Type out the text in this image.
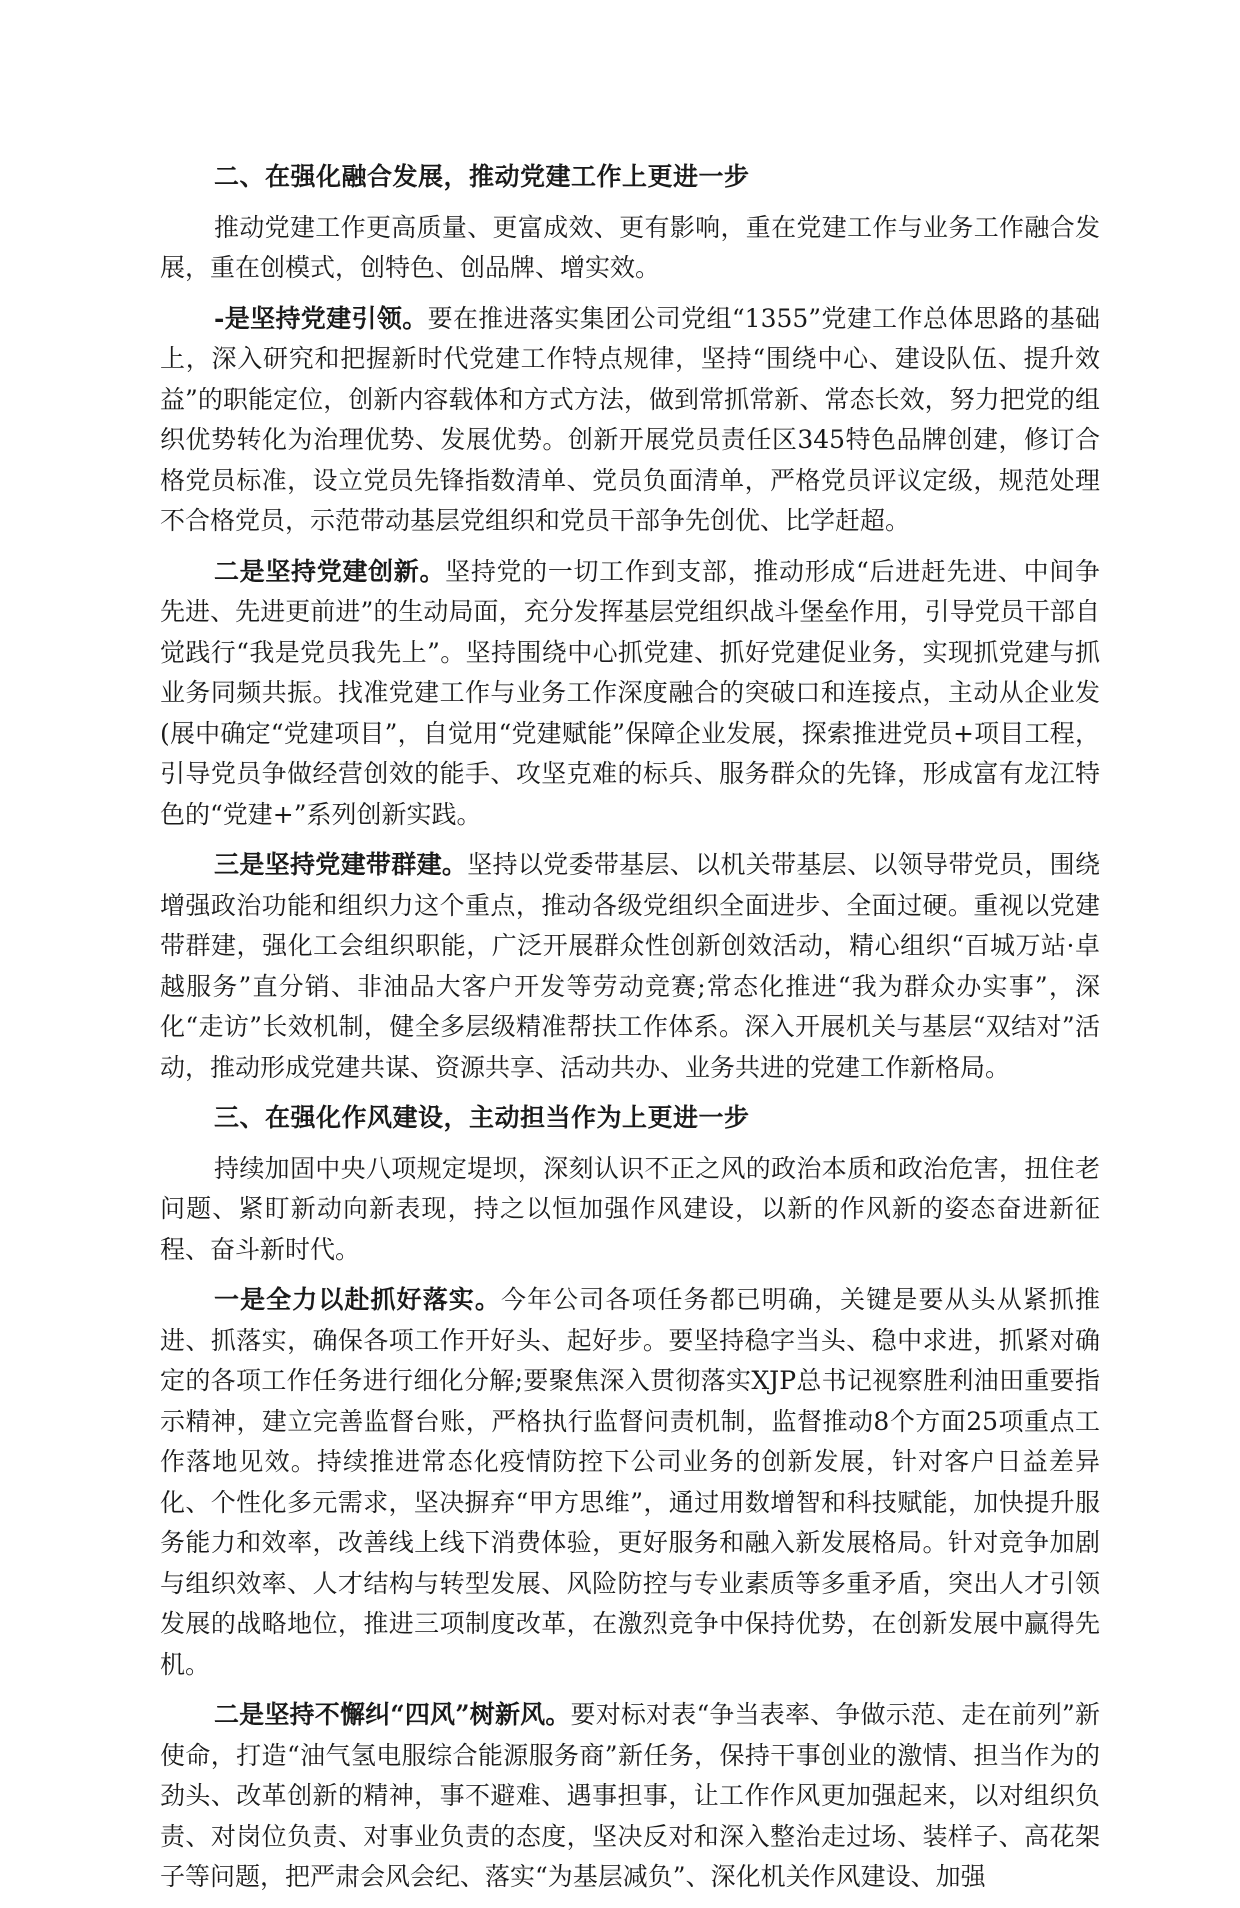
二、在强化融合发展，推动党建工作上更进一步

推动党建工作更高质量、更富成效、更有影响，重在党建工作与业务工作融合发展，重在创模式，创特色、创品牌、增实效。

-是坚持党建引领。要在推进落实集团公司党组“1355”党建工作总体思路的基础上，深入研究和把握新时代党建工作特点规律，坚持“围绕中心、建设队伍、提升效益”的职能定位，创新内容载体和方式方法，做到常抓常新、常态长效，努力把党的组织优势转化为治理优势、发展优势。创新开展党员责任区345特色品牌创建，修订合格党员标准，设立党员先锋指数清单、党员负面清单，严格党员评议定级，规范处理不合格党员，示范带动基层党组织和党员干部争先创优、比学赶超。

二是坚持党建创新。坚持党的一切工作到支部，推动形成“后进赶先进、中间争先进、先进更前进”的生动局面，充分发挥基层党组织战斗堡垒作用，引导党员干部自觉践行“我是党员我先上”。坚持围绕中心抓党建、抓好党建促业务，实现抓党建与抓业务同频共振。找准党建工作与业务工作深度融合的突破口和连接点，主动从企业发(展中确定“党建项目”，自觉用“党建赋能”保障企业发展，探索推进党员+项目工程，引导党员争做经营创效的能手、攻坚克难的标兵、服务群众的先锋，形成富有龙江特色的“党建+”系列创新实践。

三是坚持党建带群建。坚持以党委带基层、以机关带基层、以领导带党员，围绕增强政治功能和组织力这个重点，推动各级党组织全面进步、全面过硬。重视以党建带群建，强化工会组织职能，广泛开展群众性创新创效活动，精心组织“百城万站·卓越服务”直分销、非油品大客户开发等劳动竞赛;常态化推进“我为群众办实事”，深化“走访”长效机制，健全多层级精准帮扶工作体系。深入开展机关与基层“双结对”活动，推动形成党建共谋、资源共享、活动共办、业务共进的党建工作新格局。

三、在强化作风建设，主动担当作为上更进一步

持续加固中央八项规定堤坝，深刻认识不正之风的政治本质和政治危害，扭住老问题、紧盯新动向新表现，持之以恒加强作风建设，以新的作风新的姿态奋进新征程、奋斗新时代。

一是全力以赴抓好落实。今年公司各项任务都已明确，关键是要从头从紧抓推进、抓落实，确保各项工作开好头、起好步。要坚持稳字当头、稳中求进，抓紧对确定的各项工作任务进行细化分解;要聚焦深入贯彻落实XJP总书记视察胜利油田重要指示精神，建立完善监督台账，严格执行监督问责机制，监督推动8个方面25项重点工作落地见效。持续推进常态化疫情防控下公司业务的创新发展，针对客户日益差异化、个性化多元需求，坚决摒弃“甲方思维”，通过用数增智和科技赋能，加快提升服务能力和效率，改善线上线下消费体验，更好服务和融入新发展格局。针对竞争加剧与组织效率、人才结构与转型发展、风险防控与专业素质等多重矛盾，突出人才引领发展的战略地位，推进三项制度改革，在激烈竞争中保持优势，在创新发展中赢得先机。

二是坚持不懈纠“四风”树新风。要对标对表“争当表率、争做示范、走在前列”新使命，打造“油气氢电服综合能源服务商”新任务，保持干事创业的激情、担当作为的劲头、改革创新的精神，事不避难、遇事担事，让工作作风更加强起来，以对组织负责、对岗位负责、对事业负责的态度，坚决反对和深入整治走过场、装样子、高花架子等问题，把严肃会风会纪、落实“为基层减负”、深化机关作风建设、加强
